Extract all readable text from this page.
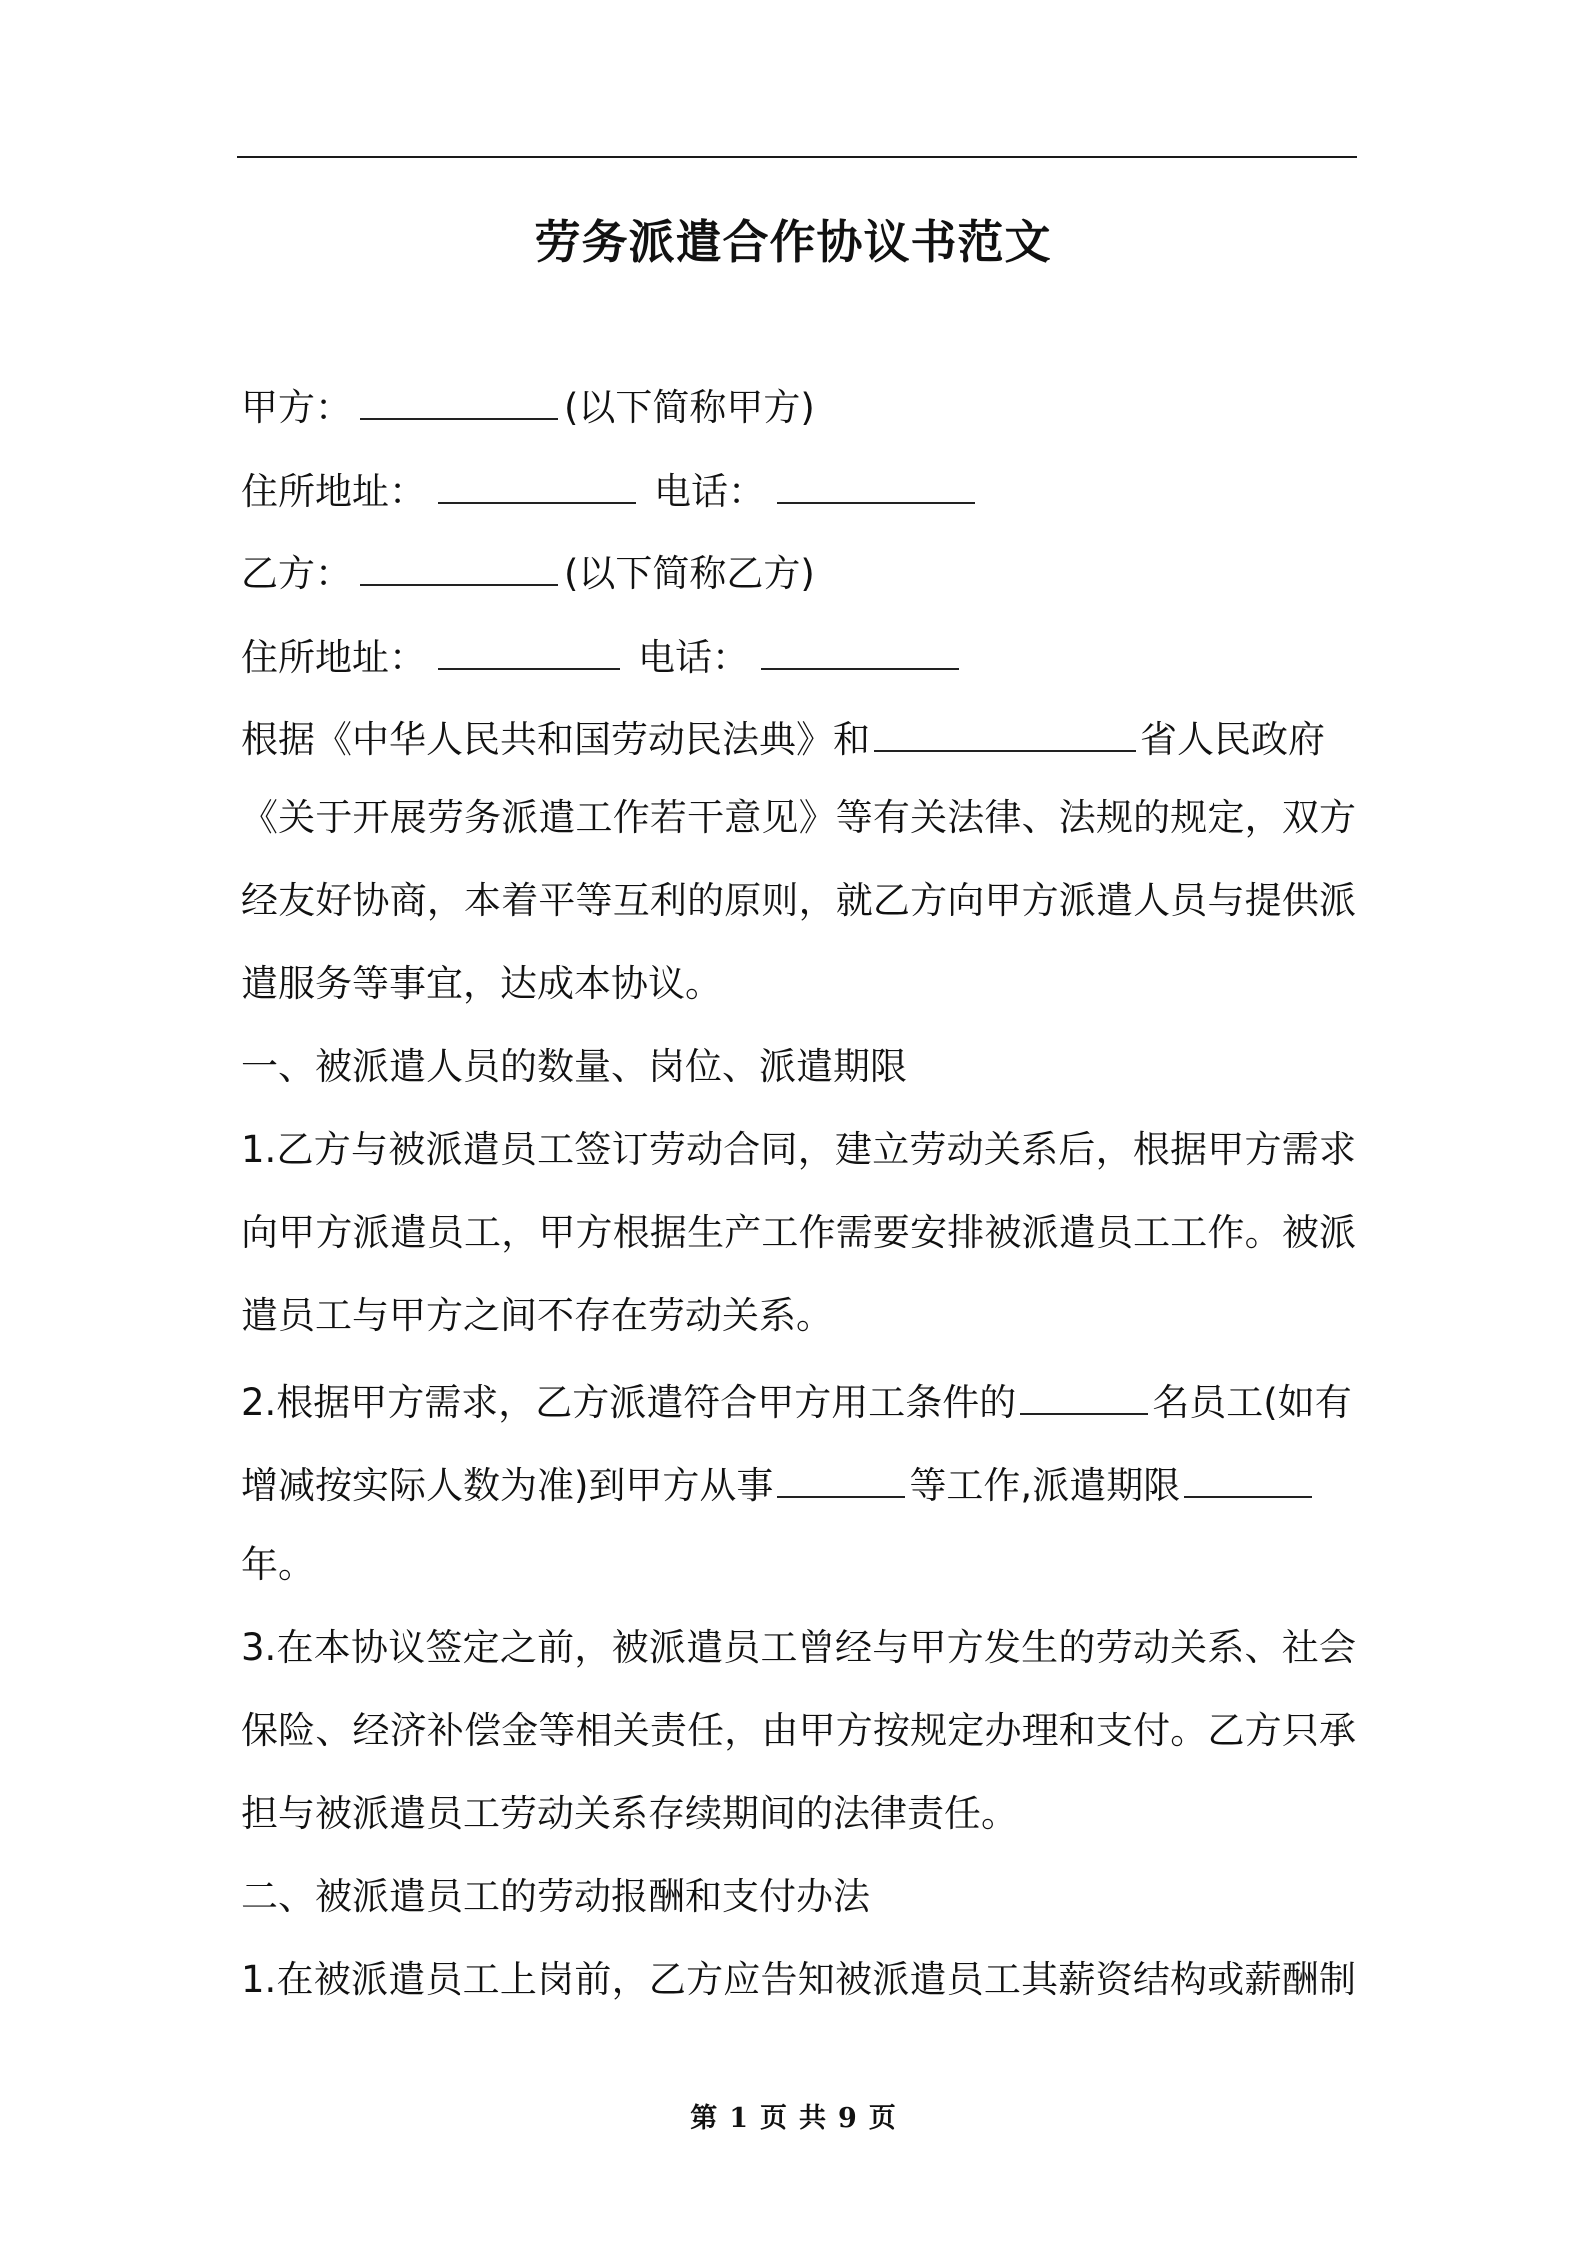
劳务派遣合作协议书范文
甲方：	(以下简称甲方)
住所地址：	电话：
乙方：	(以下简称乙方)
住所地址：	电话：
根据《中华人民共和国劳动民法典》和	省人民政府
《关于开展劳务派遣工作若干意见》等有关法律、法规的规定，双方
经友好协商，本着平等互利的原则，就乙方向甲方派遣人员与提供派
遣服务等事宜，达成本协议。
一、被派遣人员的数量、岗位、派遣期限
1.乙方与被派遣员工签订劳动合同，建立劳动关系后，根据甲方需求
向甲方派遣员工，甲方根据生产工作需要安排被派遣员工工作。被派
遣员工与甲方之间不存在劳动关系。
2.根据甲方需求，乙方派遣符合甲方用工条件的	名员工(如有
增减按实际人数为准)到甲方从事	等工作,派遣期限
年。
3.在本协议签定之前，被派遣员工曾经与甲方发生的劳动关系、社会
保险、经济补偿金等相关责任，由甲方按规定办理和支付。乙方只承
担与被派遣员工劳动关系存续期间的法律责任。
二、被派遣员工的劳动报酬和支付办法
1.在被派遣员工上岗前，乙方应告知被派遣员工其薪资结构或薪酬制
第 1 页 共 9 页
